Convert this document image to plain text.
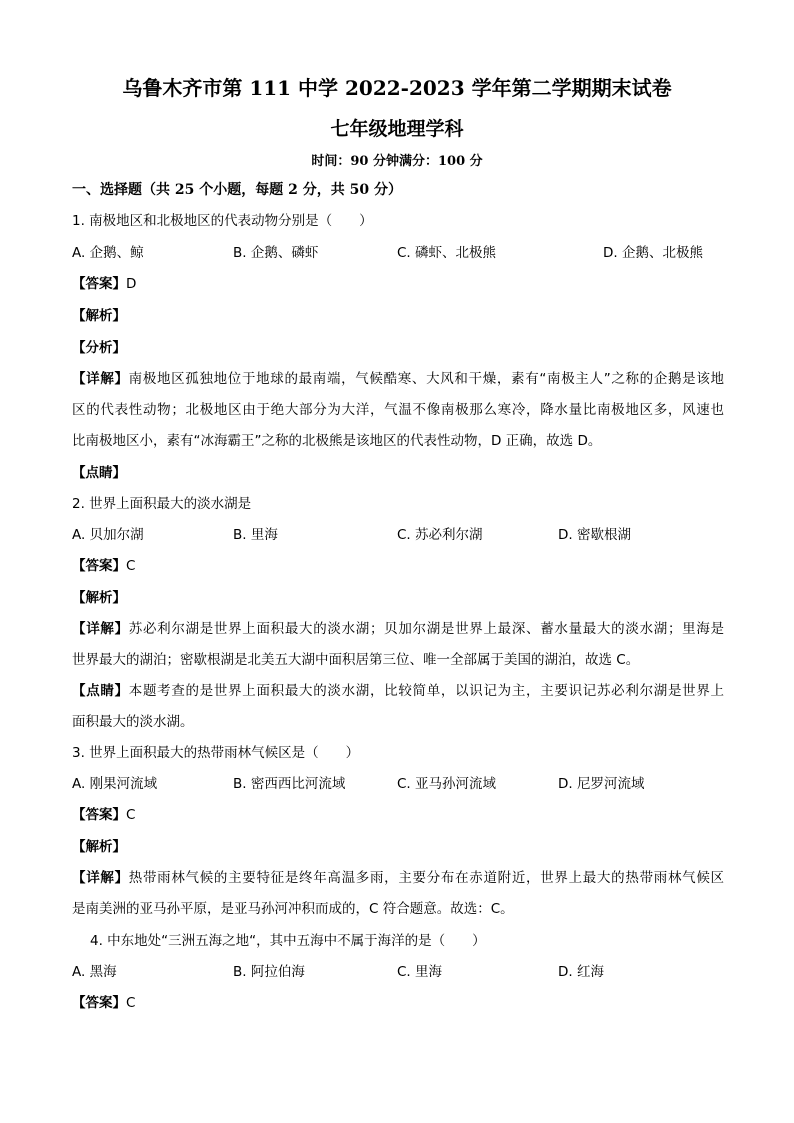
乌鲁木齐市第 111 中学 2022-2023 学年第二学期期末试卷
七年级地理学科
时间：90 分钟满分：100 分
一、选择题（共 25 个小题，每题 2 分，共 50 分）
1. 南极地区和北极地区的代表动物分别是（　　）
A. 企鹅、鲸	B. 企鹅、磷虾	C. 磷虾、北极熊	D. 企鹅、北极熊
【答案】D
【解析】
【分析】
【详解】南极地区孤独地位于地球的最南端，气候酷寒、大风和干燥，素有“南极主人”之称的企鹅是该地
区的代表性动物；北极地区由于绝大部分为大洋，气温不像南极那么寒冷，降水量比南极地区多，风速也
比南极地区小，素有“冰海霸王”之称的北极熊是该地区的代表性动物，D 正确，故选 D。
【点睛】
2. 世界上面积最大的淡水湖是
A. 贝加尔湖	B. 里海	C. 苏必利尔湖	D. 密歇根湖
【答案】C
【解析】
【详解】苏必利尔湖是世界上面积最大的淡水湖；贝加尔湖是世界上最深、蓄水量最大的淡水湖；里海是
世界最大的湖泊；密歇根湖是北美五大湖中面积居第三位、唯一全部属于美国的湖泊，故选 C。
【点睛】本题考查的是世界上面积最大的淡水湖，比较简单，以识记为主，主要识记苏必利尔湖是世界上
面积最大的淡水湖。
3. 世界上面积最大的热带雨林气候区是（　　）
A. 刚果河流域	B. 密西西比河流域	C. 亚马孙河流域	D. 尼罗河流域
【答案】C
【解析】
【详解】热带雨林气候的主要特征是终年高温多雨，主要分布在赤道附近，世界上最大的热带雨林气候区
是南美洲的亚马孙平原，是亚马孙河冲积而成的，C 符合题意。故选：C。
4. 中东地处“三洲五海之地“，其中五海中不属于海洋的是（　　）
A. 黑海	B. 阿拉伯海	C. 里海	D. 红海
【答案】C
